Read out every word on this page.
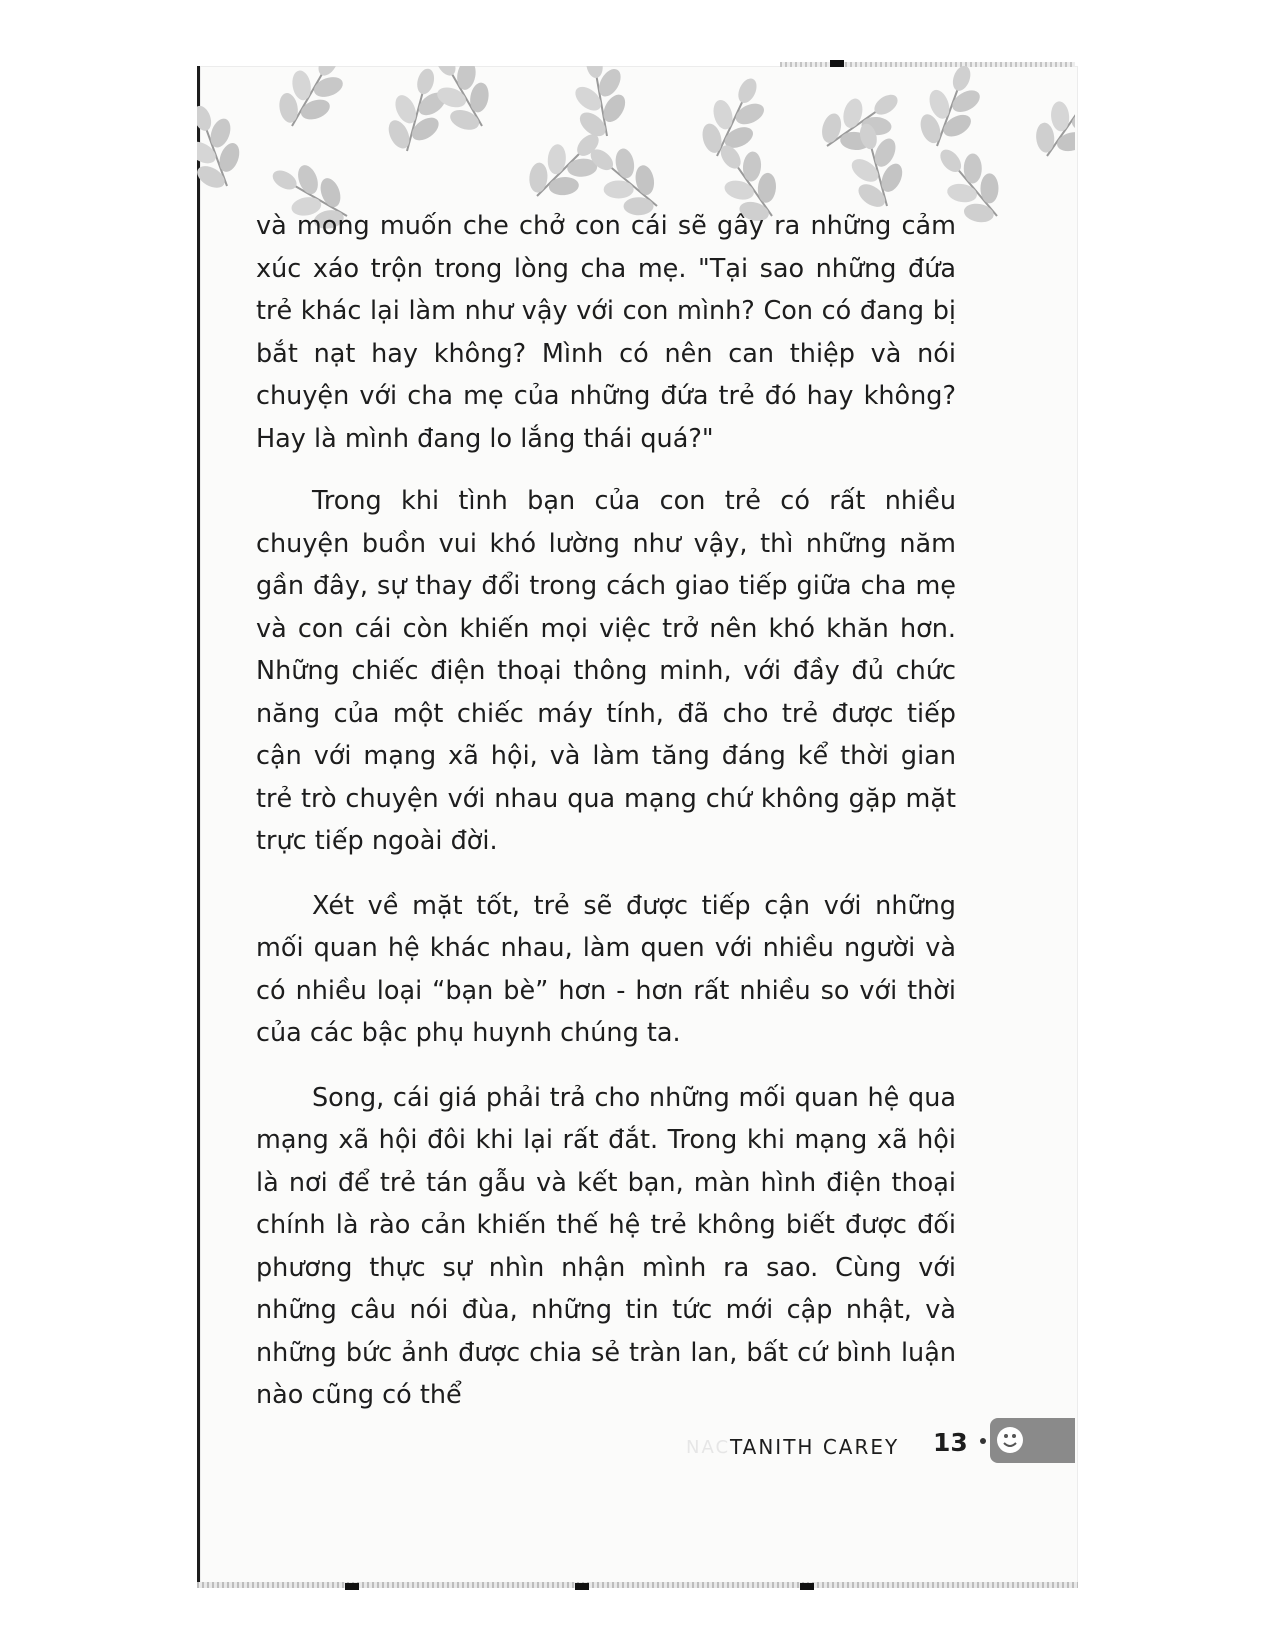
và mong muốn che chở con cái sẽ gây ra những cảm xúc xáo trộn trong lòng cha mẹ. "Tại sao những đứa trẻ khác lại làm như vậy với con mình? Con có đang bị bắt nạt hay không? Mình có nên can thiệp và nói chuyện với cha mẹ của những đứa trẻ đó hay không? Hay là mình đang lo lắng thái quá?"

Trong khi tình bạn của con trẻ có rất nhiều chuyện buồn vui khó lường như vậy, thì những năm gần đây, sự thay đổi trong cách giao tiếp giữa cha mẹ và con cái còn khiến mọi việc trở nên khó khăn hơn. Những chiếc điện thoại thông minh, với đầy đủ chức năng của một chiếc máy tính, đã cho trẻ được tiếp cận với mạng xã hội, và làm tăng đáng kể thời gian trẻ trò chuyện với nhau qua mạng chứ không gặp mặt trực tiếp ngoài đời.

Xét về mặt tốt, trẻ sẽ được tiếp cận với những mối quan hệ khác nhau, làm quen với nhiều người và có nhiều loại “bạn bè” hơn - hơn rất nhiều so với thời của các bậc phụ huynh chúng ta.

Song, cái giá phải trả cho những mối quan hệ qua mạng xã hội đôi khi lại rất đắt. Trong khi mạng xã hội là nơi để trẻ tán gẫu và kết bạn, màn hình điện thoại chính là rào cản khiến thế hệ trẻ không biết được đối phương thực sự nhìn nhận mình ra sao. Cùng với những câu nói đùa, những tin tức mới cập nhật, và những bức ảnh được chia sẻ tràn lan, bất cứ bình luận nào cũng có thể

NAC TANITH CAREY 13
